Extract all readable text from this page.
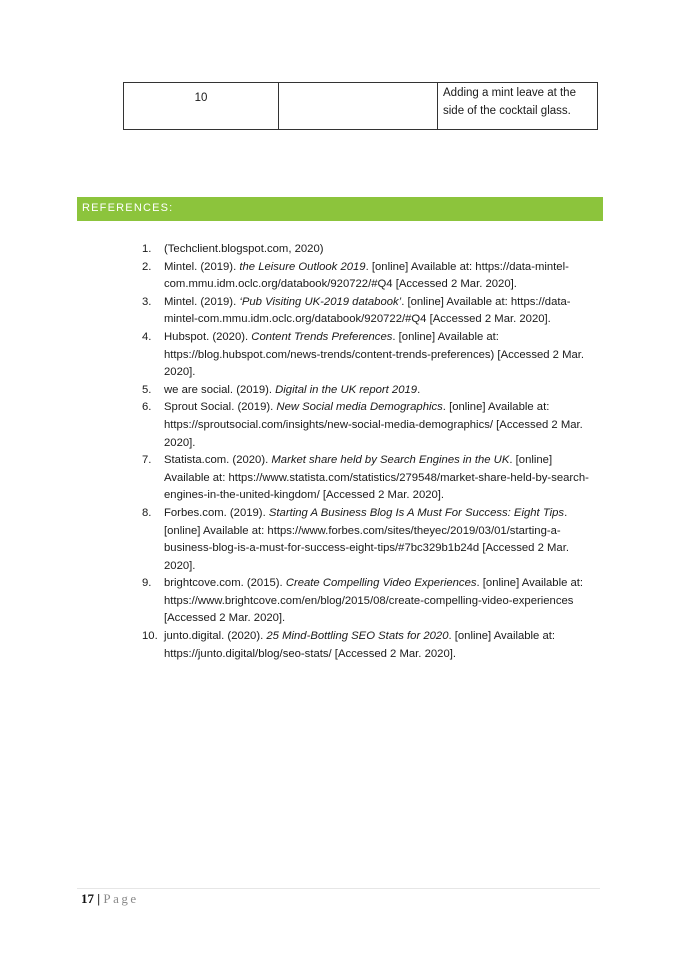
10		Adding a mint leave at the side of the cocktail glass.
REFERENCES:
1. (Techclient.blogspot.com, 2020)
2. Mintel. (2019). the Leisure Outlook 2019. [online] Available at: https://data-mintel-com.mmu.idm.oclc.org/databook/920722/#Q4 [Accessed 2 Mar. 2020].
3. Mintel. (2019). ‘Pub Visiting UK-2019 databook’. [online] Available at: https://data-mintel-com.mmu.idm.oclc.org/databook/920722/#Q4 [Accessed 2 Mar. 2020].
4. Hubspot. (2020). Content Trends Preferences. [online] Available at: https://blog.hubspot.com/news-trends/content-trends-preferences) [Accessed 2 Mar. 2020].
5. we are social. (2019). Digital in the UK report 2019.
6. Sprout Social. (2019). New Social media Demographics. [online] Available at: https://sproutsocial.com/insights/new-social-media-demographics/ [Accessed 2 Mar. 2020].
7. Statista.com. (2020). Market share held by Search Engines in the UK. [online] Available at: https://www.statista.com/statistics/279548/market-share-held-by-search-engines-in-the-united-kingdom/ [Accessed 2 Mar. 2020].
8. Forbes.com. (2019). Starting A Business Blog Is A Must For Success: Eight Tips. [online] Available at: https://www.forbes.com/sites/theyec/2019/03/01/starting-a-business-blog-is-a-must-for-success-eight-tips/#7bc329b1b24d [Accessed 2 Mar. 2020].
9. brightcove.com. (2015). Create Compelling Video Experiences. [online] Available at: https://www.brightcove.com/en/blog/2015/08/create-compelling-video-experiences [Accessed 2 Mar. 2020].
10. junto.digital. (2020). 25 Mind-Bottling SEO Stats for 2020. [online] Available at: https://junto.digital/blog/seo-stats/ [Accessed 2 Mar. 2020].
17 | Page
